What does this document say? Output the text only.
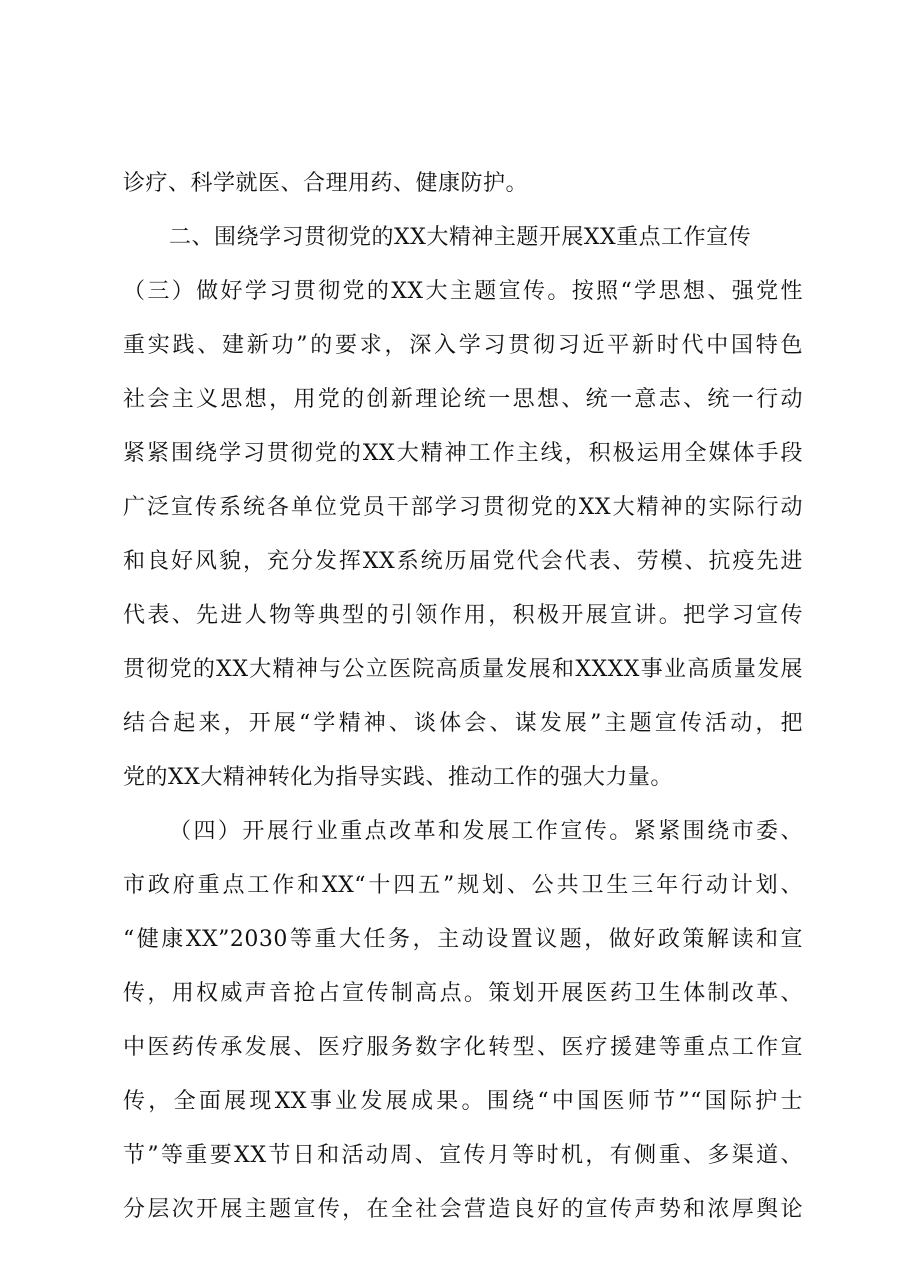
诊疗、科学就医、合理用药、健康防护。
二、围绕学习贯彻党的XX大精神主题开展XX重点工作宣传
（三）做好学习贯彻党的XX大主题宣传。按照“学思想、强党性
重实践、建新功”的要求，深入学习贯彻习近平新时代中国特色
社会主义思想，用党的创新理论统一思想、统一意志、统一行动
紧紧围绕学习贯彻党的XX大精神工作主线，积极运用全媒体手段
广泛宣传系统各单位党员干部学习贯彻党的XX大精神的实际行动
和良好风貌，充分发挥XX系统历届党代会代表、劳模、抗疫先进
代表、先进人物等典型的引领作用，积极开展宣讲。把学习宣传
贯彻党的XX大精神与公立医院高质量发展和XXXX事业高质量发展
结合起来，开展“学精神、谈体会、谋发展”主题宣传活动，把
党的XX大精神转化为指导实践、推动工作的强大力量。
（四）开展行业重点改革和发展工作宣传。紧紧围绕市委、
市政府重点工作和XX“十四五”规划、公共卫生三年行动计划、
“健康XX”2030等重大任务，主动设置议题，做好政策解读和宣
传，用权威声音抢占宣传制高点。策划开展医药卫生体制改革、
中医药传承发展、医疗服务数字化转型、医疗援建等重点工作宣
传，全面展现XX事业发展成果。围绕“中国医师节”“国际护士
节”等重要XX节日和活动周、宣传月等时机，有侧重、多渠道、
分层次开展主题宣传，在全社会营造良好的宣传声势和浓厚舆论
